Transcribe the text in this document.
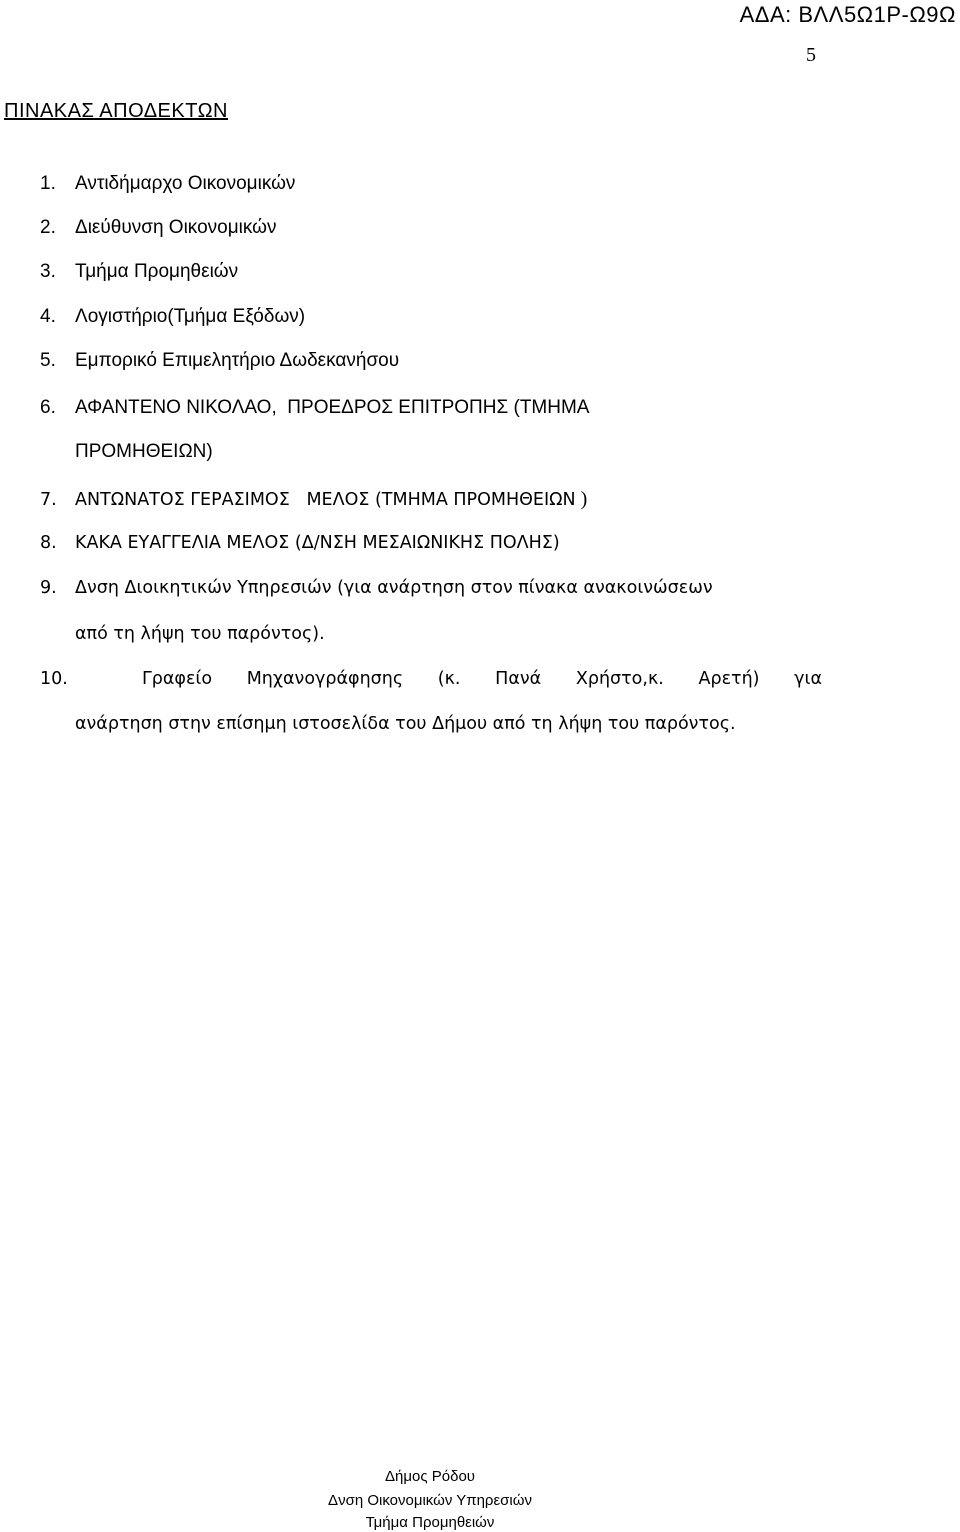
ΑΔΑ: ΒΛΛ5Ω1Ρ-Ω9Ω
5
ΠΙΝΑΚΑΣ ΑΠΟΔΕΚΤΩΝ
1. Αντιδήμαρχο Οικονομικών
2. Διεύθυνση Οικονομικών
3. Τμήμα Προμηθειών
4. Λογιστήριο(Τμήμα Εξόδων)
5. Εμπορικό Επιμελητήριο Δωδεκανήσου
6. ΑΦΑΝΤΕΝΟ ΝΙΚΟΛΑΟ,  ΠΡΟΕΔΡΟΣ ΕΠΙΤΡΟΠΗΣ (ΤΜΗΜΑ
ΠΡΟΜΗΘΕΙΩΝ)
7. ΑΝΤΩΝΑΤΟΣ ΓΕΡΑΣΙΜΟΣ   ΜΕΛΟΣ (ΤΜΗΜΑ ΠΡΟΜΗΘΕΙΩΝ )
8. ΚΑΚΑ ΕΥΑΓΓΕΛΙΑ ΜΕΛΟΣ (Δ/ΝΣΗ ΜΕΣΑΙΩΝΙΚΗΣ ΠΟΛΗΣ)
9. Δνση Διοικητικών Υπηρεσιών (για ανάρτηση στον πίνακα ανακοινώσεων
από τη λήψη του παρόντος).
10.	Γραφείο Μηχανογράφησης (κ. Πανά Χρήστο,κ. Αρετή) για
ανάρτηση στην επίσημη ιστοσελίδα του Δήμου από τη λήψη του παρόντος.
Δήμος Ρόδου
Δνση Οικονομικών Υπηρεσιών
Τμήμα Προμηθειών
